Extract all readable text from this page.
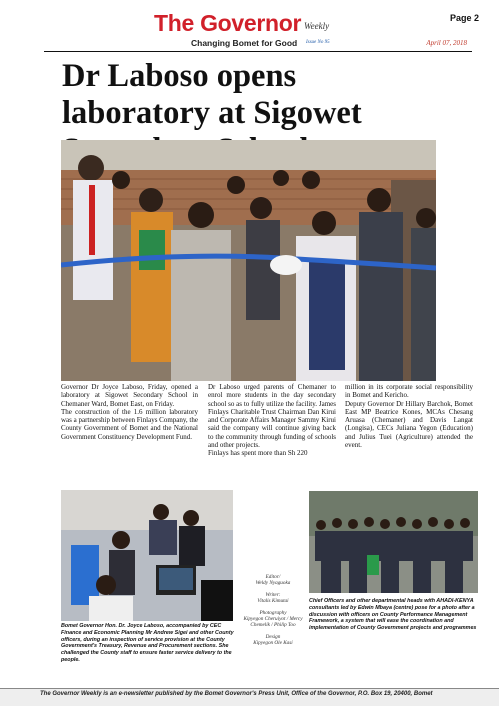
The Governor Weekly
Changing Bomet for Good Issue No 95
Page 2
April 07, 2018
Dr Laboso opens laboratory at Sigowet

Governor Dr Joyce Laboso, Friday, opened a laboratory at Sigowet Secondary School in Chemaner Ward, Bomet East, on Friday.

The construction of the 1.6 million laboratory was a partnership between Finlays Company, the County Government of Bomet and the National Government Constituency Development Fund.

Dr Laboso urged parents of Chemaner to enrol more students in the day secondary school so as to fully utilize the facility. James Finlays Charitable Trust Chairman Dan Kirui and Corporate Affairs Manager Sammy Kirui said the company will continue giving back to the community through funding of schools and other projects.

Finlays has spent more than Sh 220

million in its corporate social responsibility in Bomet and Kericho.

Deputy Governor Dr Hillary Barchok, Bomet East MP Beatrice Kones, MCAs Chesang Aruasa (Chemaner) and Davis Langat (Longisa), CECs Juliana Yegon (Education) and Julius Tuei (Agriculture) attended the event.

Bomet Governor Hon. Dr. Joyce Laboso, accompanied by CEC Finance and Economic Planning Mr Andrew Sigei and other County officers, during an inspection of service provision at the County Government's Treasury, Revenue and Procurement sections. She challenged the County staff to ensure faster service delivery to the people.
Editor/
Weldy Nyaguoka
Writer:
Vitalis Kimutai
Photography
Kipyegon Cheruiyot / Mercy Chemelik / Philip Too
Design
Kipyegon Ole Kasi
Chief Officers and other departmental heads with AHADI-KENYA consultants led by Edwin Mbaya (centre) pose for a photo after a discussion with officers on County Performance Management Framework, a system that will ease the coordination and implementation of County Government projects and programmes
The Governor Weekly is an e-newsletter published by the Bomet Governor's Press Unit, Office of the Governor, P.O. Box 19, 20400, Bomet
